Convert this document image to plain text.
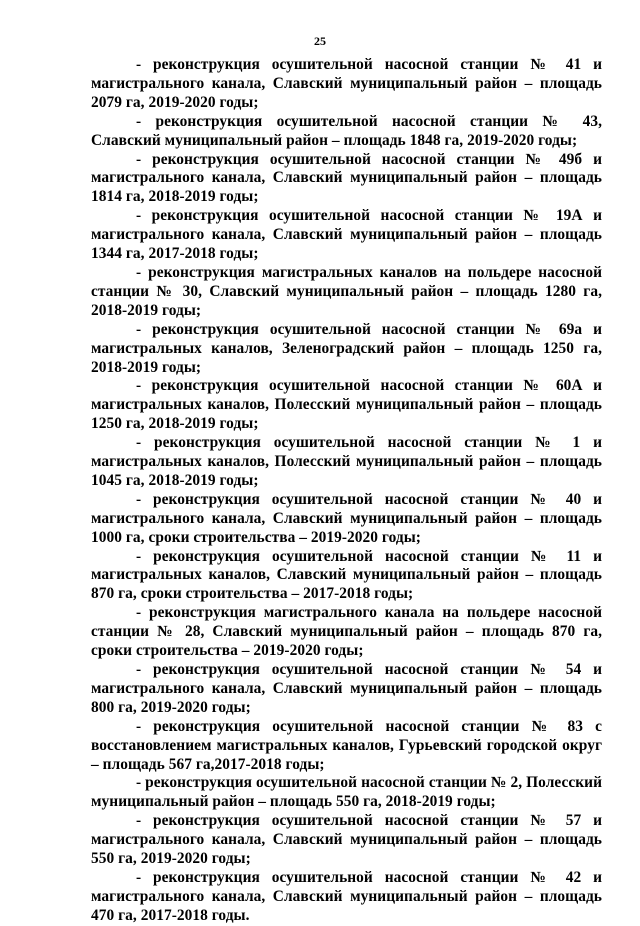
25

- реконструкция осушительной насосной станции № 41 и магистрального канала, Славский муниципальный район – площадь 2079 га, 2019-2020 годы;

- реконструкция осушительной насосной станции № 43, Славский муниципальный район – площадь 1848 га, 2019-2020 годы;

- реконструкция осушительной насосной станции № 49б и магистрального канала, Славский муниципальный район – площадь 1814 га, 2018-2019 годы;

- реконструкция осушительной насосной станции № 19А и магистрального канала, Славский муниципальный район – площадь 1344 га, 2017-2018 годы;

- реконструкция магистральных каналов на польдере насосной станции № 30, Славский муниципальный район – площадь 1280 га, 2018-2019 годы;

- реконструкция осушительной насосной станции № 69а и магистральных каналов, Зеленоградский район – площадь 1250 га, 2018-2019 годы;

- реконструкция осушительной насосной станции № 60А и магистральных каналов, Полесский муниципальный район – площадь 1250 га, 2018-2019 годы;

- реконструкция осушительной насосной станции № 1 и магистральных каналов, Полесский муниципальный район – площадь 1045 га, 2018-2019 годы;

- реконструкция осушительной насосной станции № 40 и магистрального канала, Славский муниципальный район – площадь 1000 га, сроки строительства – 2019-2020 годы;

- реконструкция осушительной насосной станции № 11 и магистральных каналов, Славский муниципальный район – площадь 870 га, сроки строительства – 2017-2018 годы;

- реконструкция магистрального канала на польдере насосной станции № 28, Славский муниципальный район – площадь 870 га, сроки строительства – 2019-2020 годы;

- реконструкция осушительной насосной станции № 54 и магистрального канала, Славский муниципальный район – площадь 800 га, 2019-2020 годы;

- реконструкция осушительной насосной станции № 83 с восстановлением магистральных каналов, Гурьевский городской округ – площадь 567 га,2017-2018 годы;

- реконструкция осушительной насосной станции № 2, Полесский муниципальный район – площадь 550 га, 2018-2019 годы;

- реконструкция осушительной насосной станции № 57 и магистрального канала, Славский муниципальный район – площадь 550 га, 2019-2020 годы;

- реконструкция осушительной насосной станции № 42 и магистрального канала, Славский муниципальный район – площадь 470 га, 2017-2018 годы.
